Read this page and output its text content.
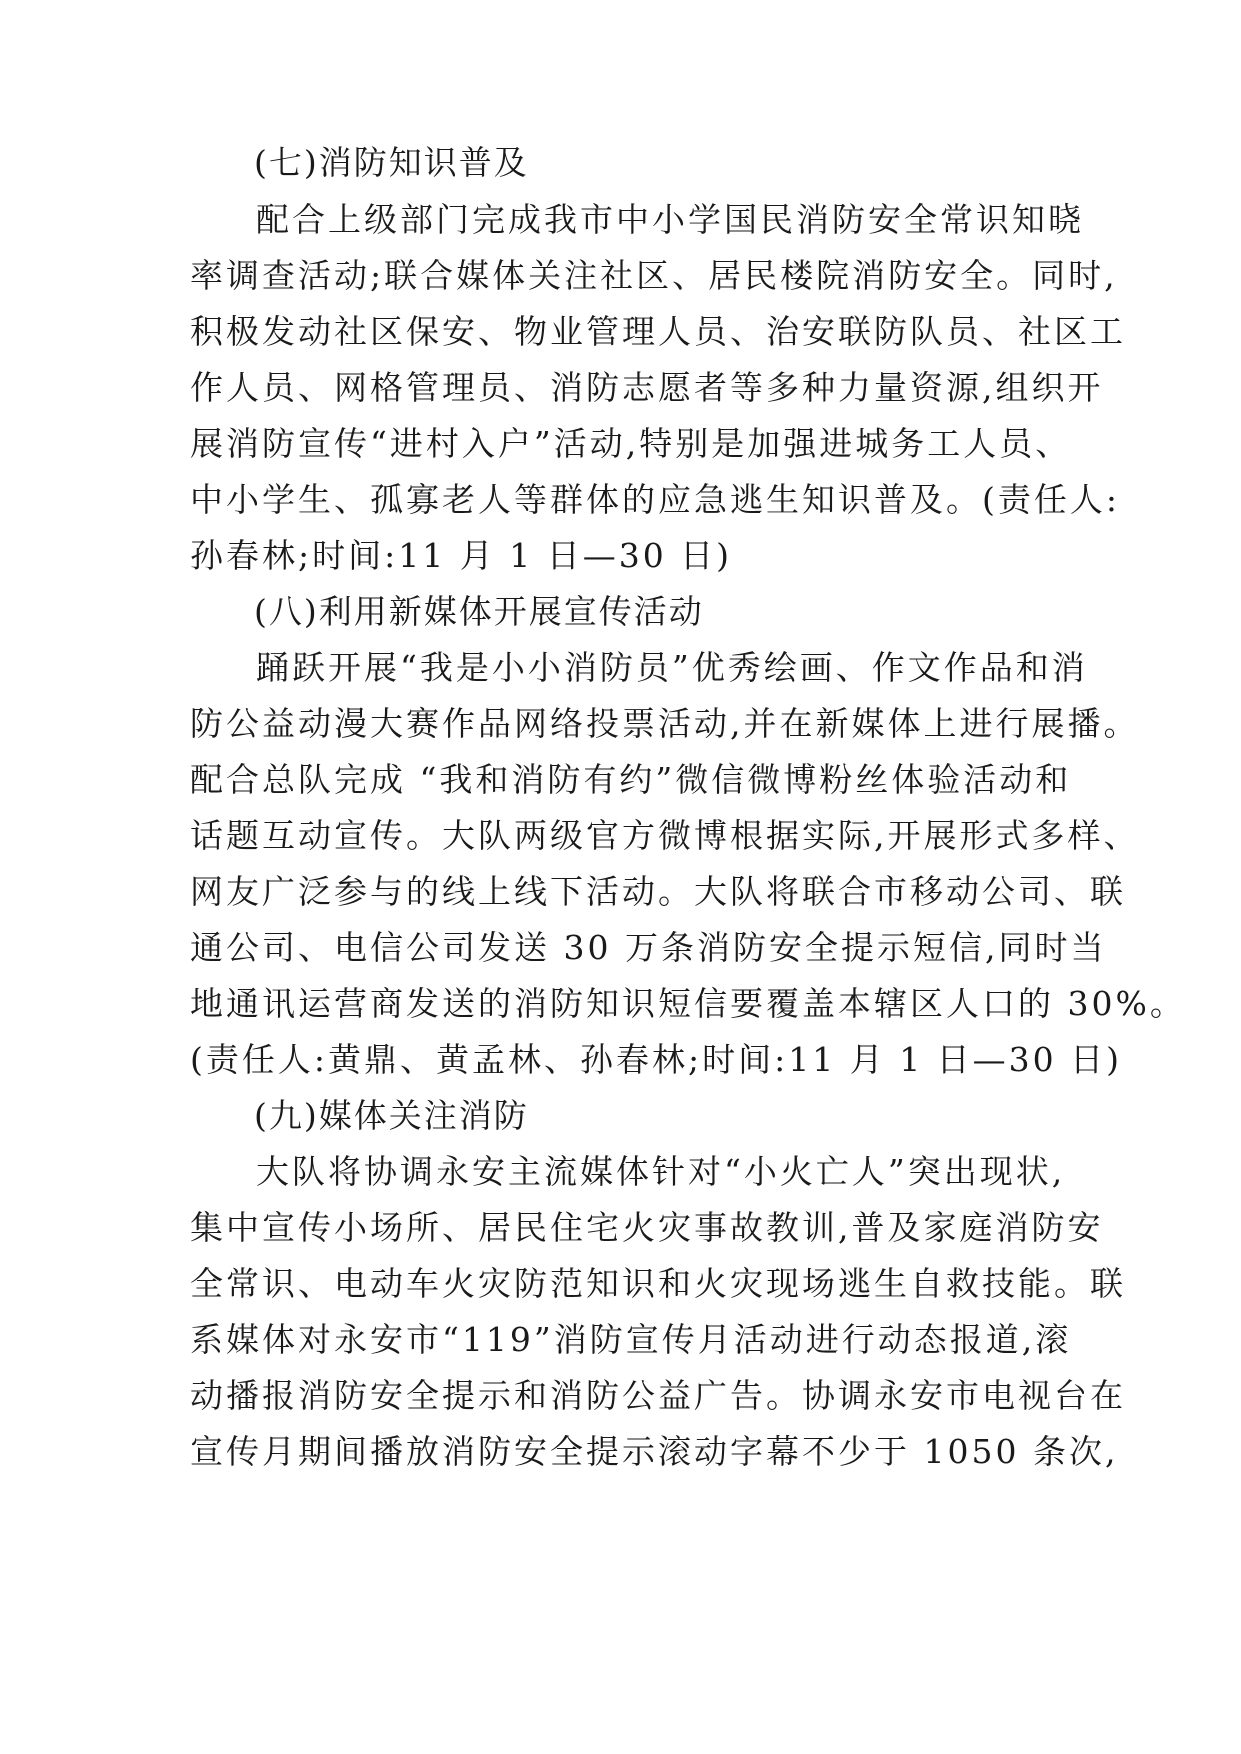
(七)消防知识普及
配合上级部门完成我市中小学国民消防安全常识知晓
率调查活动;联合媒体关注社区、居民楼院消防安全。同时,
积极发动社区保安、物业管理人员、治安联防队员、社区工
作人员、网格管理员、消防志愿者等多种力量资源,组织开
展消防宣传“进村入户”活动,特别是加强进城务工人员、
中小学生、孤寡老人等群体的应急逃生知识普及。(责任人:
孙春林;时间:11 月 1 日—30 日)
(八)利用新媒体开展宣传活动
踊跃开展“我是小小消防员”优秀绘画、作文作品和消
防公益动漫大赛作品网络投票活动,并在新媒体上进行展播。
配合总队完成 “我和消防有约”微信微博粉丝体验活动和
话题互动宣传。大队两级官方微博根据实际,开展形式多样、
网友广泛参与的线上线下活动。大队将联合市移动公司、联
通公司、电信公司发送 30 万条消防安全提示短信,同时当
地通讯运营商发送的消防知识短信要覆盖本辖区人口的 30%。
(责任人:黄鼎、黄孟林、孙春林;时间:11 月 1 日—30 日)
(九)媒体关注消防
大队将协调永安主流媒体针对“小火亡人”突出现状,
集中宣传小场所、居民住宅火灾事故教训,普及家庭消防安
全常识、电动车火灾防范知识和火灾现场逃生自救技能。联
系媒体对永安市“119”消防宣传月活动进行动态报道,滚
动播报消防安全提示和消防公益广告。协调永安市电视台在
宣传月期间播放消防安全提示滚动字幕不少于 1050 条次,
